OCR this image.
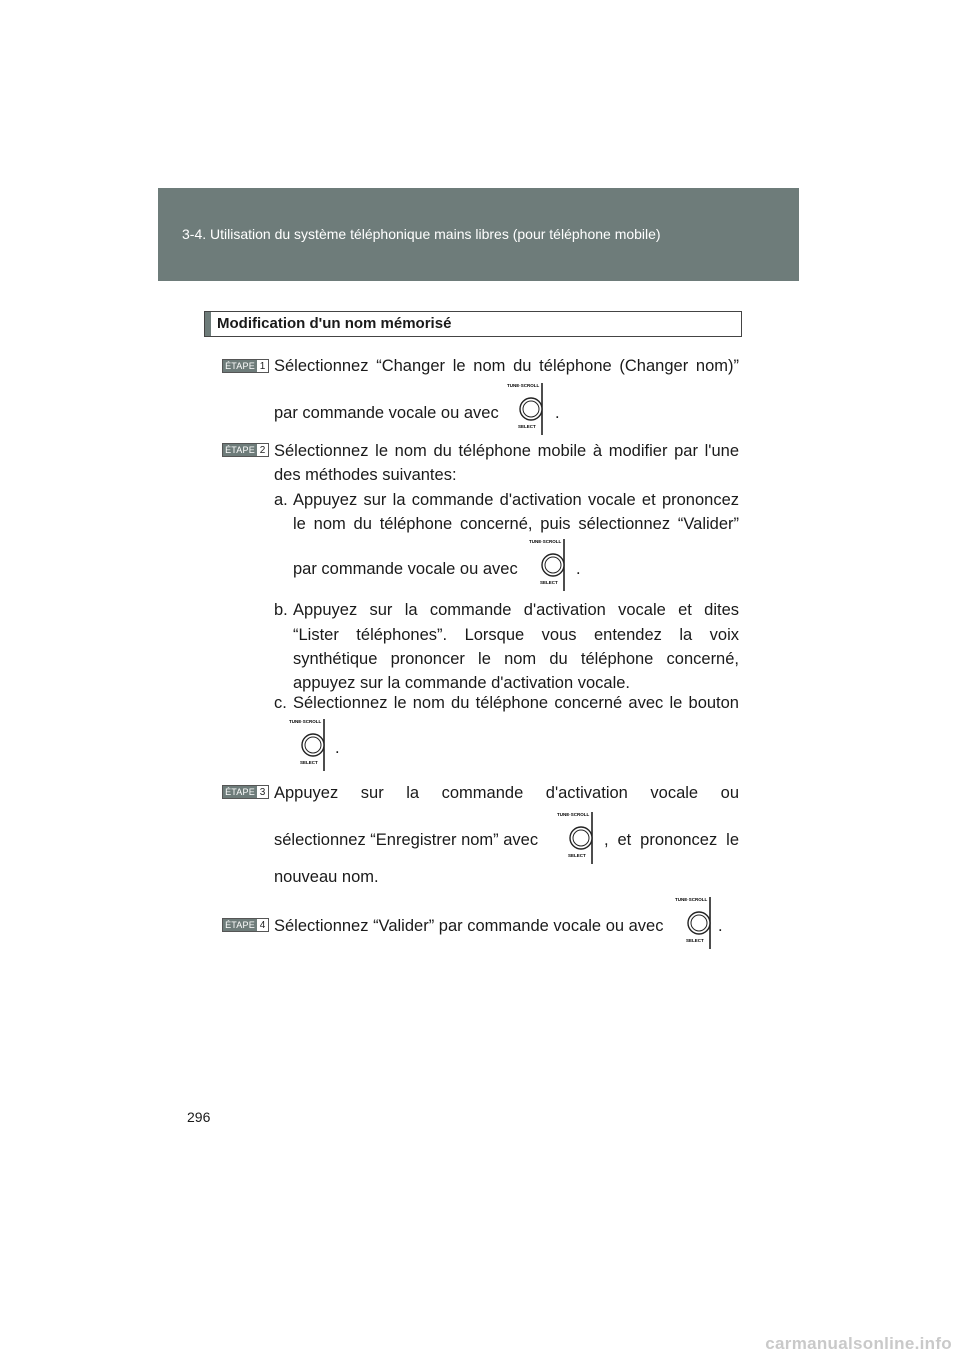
3-4. Utilisation du système téléphonique mains libres (pour téléphone mobile)
Modification d'un nom mémorisé
ÉTAPE 1 Sélectionnez “Changer le nom du téléphone (Changer nom)”
par commande vocale ou avec
TUNE·SCROLL
SELECT
.
ÉTAPE 2 Sélectionnez le nom du téléphone mobile à modifier par l'une
des méthodes suivantes:
a. Appuyez sur la commande d'activation vocale et prononcez
le nom du téléphone concerné, puis sélectionnez “Valider”
par commande vocale ou avec
TUNE·SCROLL
SELECT
.
b. Appuyez sur la commande d'activation vocale et dites
“Lister téléphones”. Lorsque vous entendez la voix
synthétique prononcer le nom du téléphone concerné,
appuyez sur la commande d'activation vocale.
c. Sélectionnez le nom du téléphone concerné avec le bouton
TUNE·SCROLL
SELECT
.
ÉTAPE 3 Appuyez sur la commande d'activation vocale ou
sélectionnez “Enregistrer nom” avec
TUNE·SCROLL
SELECT
, et prononcez le
nouveau nom.
ÉTAPE 4 Sélectionnez “Valider” par commande vocale ou avec
TUNE·SCROLL
SELECT
.
296
carmanualsonline.info
